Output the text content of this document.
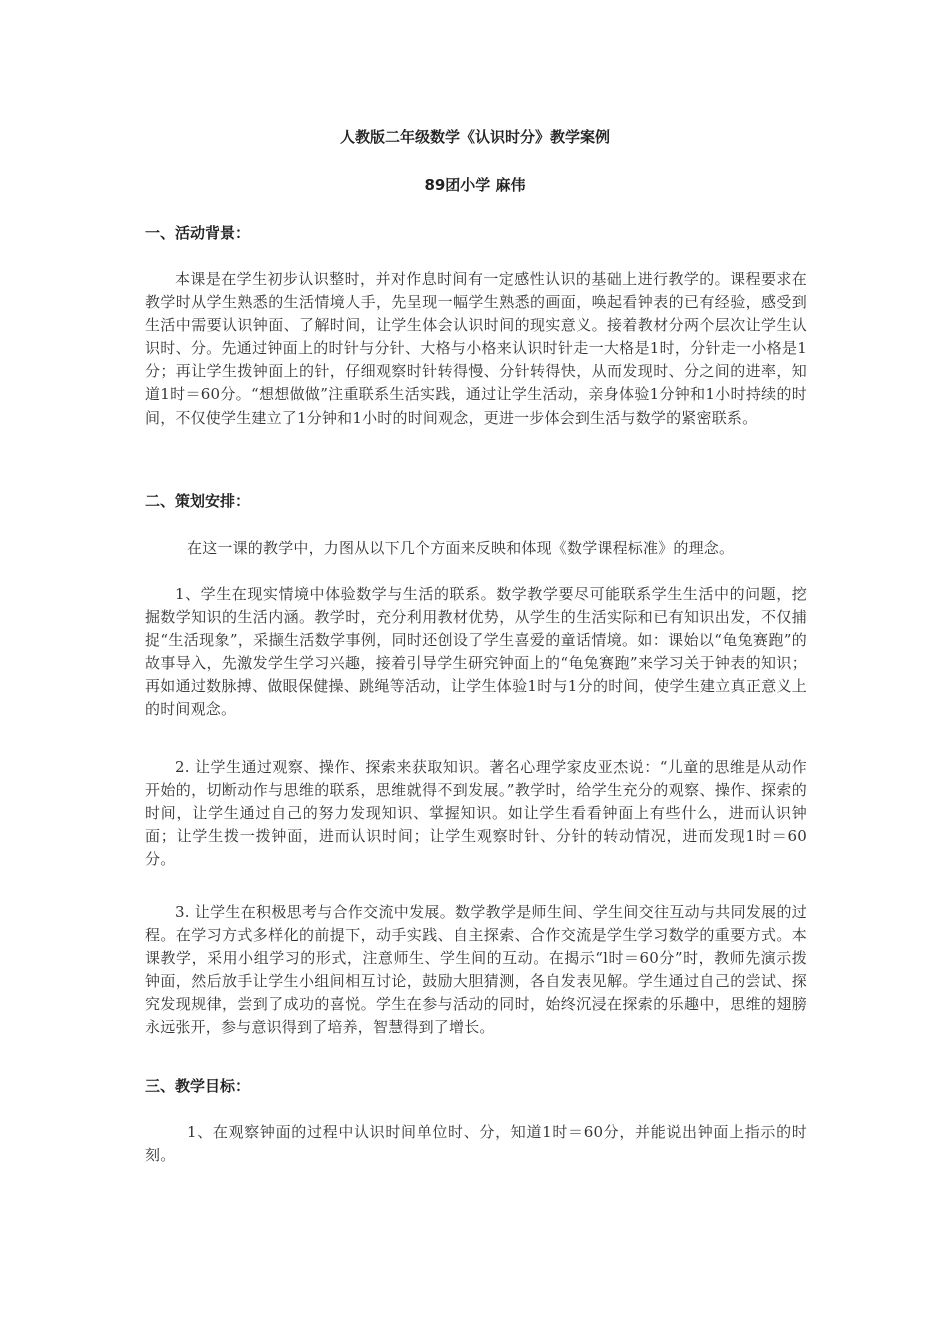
人教版二年级数学《认识时分》教学案例
89团小学 麻伟
一、活动背景：
本课是在学生初步认识整时，并对作息时间有一定感性认识的基础上进行教学的。课程要求在教学时从学生熟悉的生活情境人手，先呈现一幅学生熟悉的画面，唤起看钟表的已有经验，感受到生活中需要认识钟面、了解时间，让学生体会认识时间的现实意义。接着教材分两个层次让学生认识时、分。先通过钟面上的时针与分针、大格与小格来认识时针走一大格是1时，分针走一小格是1分；再让学生拨钟面上的针，仔细观察时针转得慢、分针转得快，从而发现时、分之间的进率，知道1时＝60分。“想想做做”注重联系生活实践，通过让学生活动，亲身体验1分钟和1小时持续的时间，不仅使学生建立了1分钟和1小时的时间观念，更进一步体会到生活与数学的紧密联系。
二、策划安排：
在这一课的教学中，力图从以下几个方面来反映和体现《数学课程标准》的理念。
1、学生在现实情境中体验数学与生活的联系。数学教学要尽可能联系学生生活中的问题，挖掘数学知识的生活内涵。教学时，充分利用教材优势，从学生的生活实际和已有知识出发，不仅捕捉“生活现象”，采撷生活数学事例，同时还创设了学生喜爱的童话情境。如：课始以“龟兔赛跑”的故事导入，先激发学生学习兴趣，接着引导学生研究钟面上的“龟兔赛跑”来学习关于钟表的知识；再如通过数脉搏、做眼保健操、跳绳等活动，让学生体验1时与1分的时间，使学生建立真正意义上的时间观念。
2. 让学生通过观察、操作、探索来获取知识。著名心理学家皮亚杰说：“儿童的思维是从动作开始的，切断动作与思维的联系，思维就得不到发展。”教学时，给学生充分的观察、操作、探索的时间，让学生通过自己的努力发现知识、掌握知识。如让学生看看钟面上有些什么，进而认识钟面；让学生拨一拨钟面，进而认识时间；让学生观察时针、分针的转动情况，进而发现1时＝60分。
3. 让学生在积极思考与合作交流中发展。数学教学是师生间、学生间交往互动与共同发展的过程。在学习方式多样化的前提下，动手实践、自主探索、合作交流是学生学习数学的重要方式。本课教学，采用小组学习的形式，注意师生、学生间的互动。在揭示“l时＝60分”时，教师先演示拨钟面，然后放手让学生小组间相互讨论，鼓励大胆猜测，各自发表见解。学生通过自己的尝试、探究发现规律，尝到了成功的喜悦。学生在参与活动的同时，始终沉浸在探索的乐趣中，思维的翅膀永远张开，参与意识得到了培养，智慧得到了增长。
三、教学目标：
1、在观察钟面的过程中认识时间单位时、分，知道1时＝60分，并能说出钟面上指示的时刻。
